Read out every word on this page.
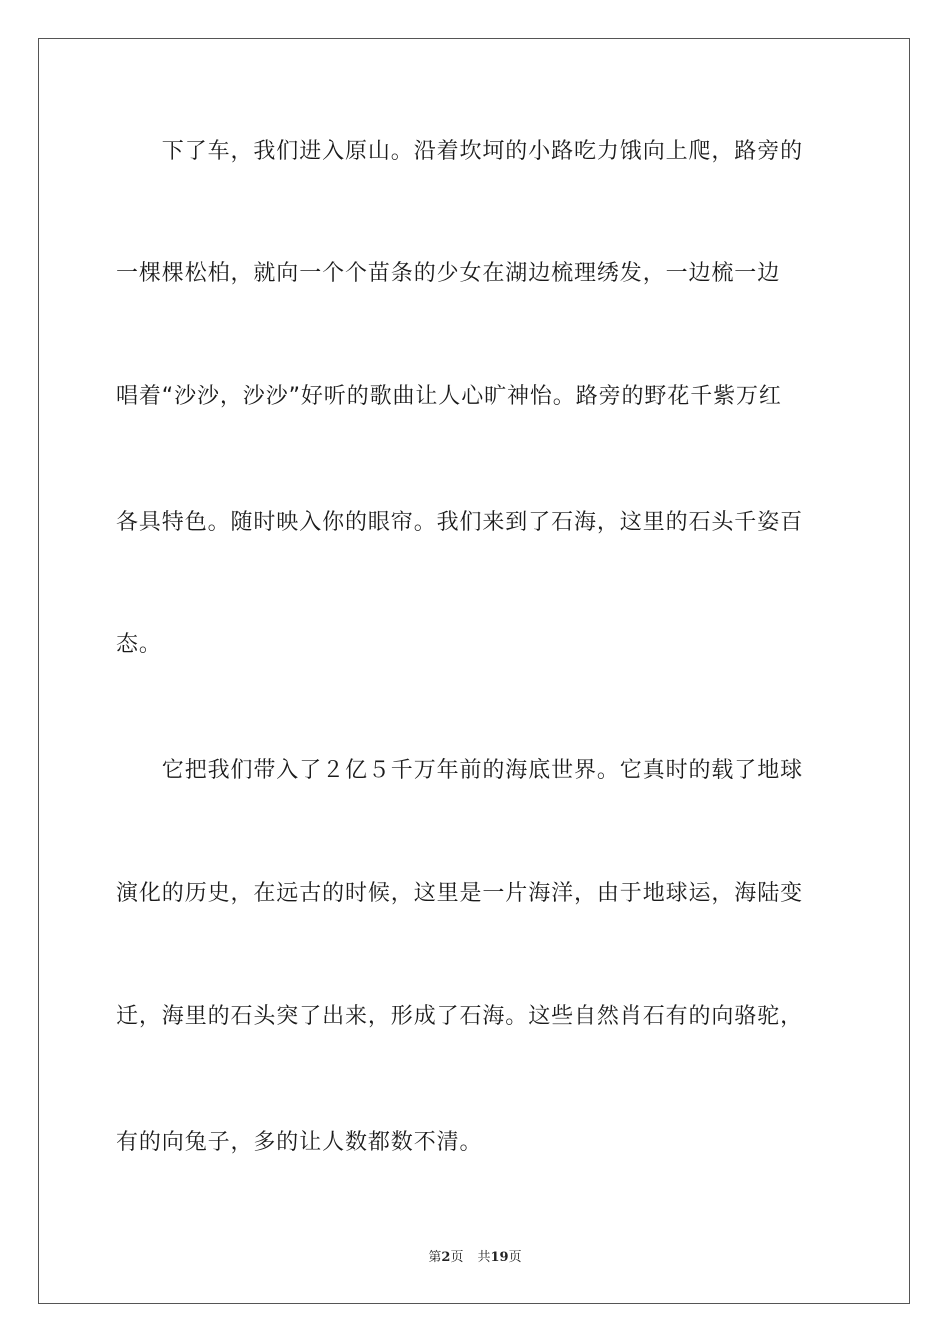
　　下了车，我们进入原山。沿着坎坷的小路吃力饿向上爬，路旁的
一棵棵松柏，就向一个个苗条的少女在湖边梳理绣发，一边梳一边
唱着“沙沙，沙沙”好听的歌曲让人心旷神怡。路旁的野花千紫万红
各具特色。随时映入你的眼帘。我们来到了石海，这里的石头千姿百
态。
　　它把我们带入了２亿５千万年前的海底世界。它真时的载了地球
演化的历史，在远古的时候，这里是一片海洋，由于地球运，海陆变
迁，海里的石头突了出来，形成了石海。这些自然肖石有的向骆驼，
有的向兔子，多的让人数都数不清。
第2页 共19页
